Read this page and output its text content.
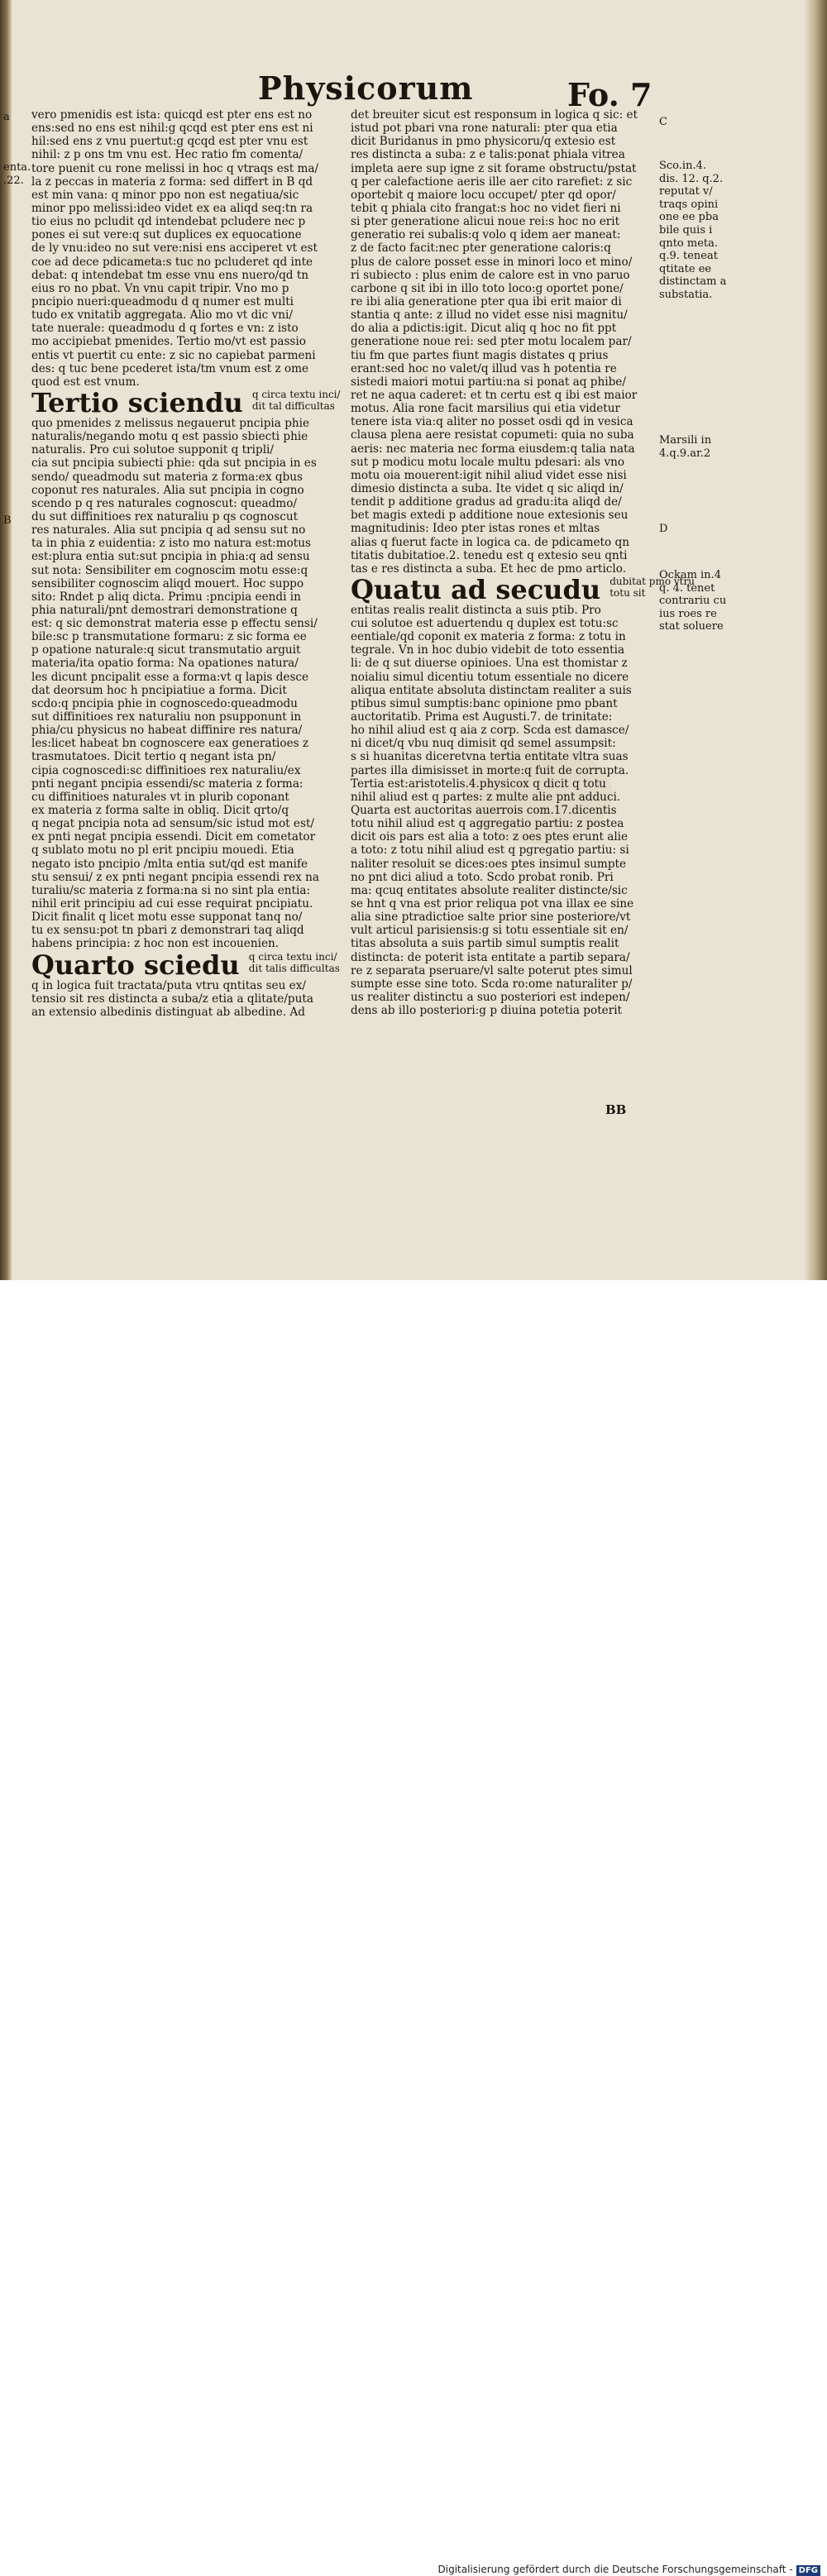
Physicorum	Fo. 7
a
enta.
.22.
B
C
Sco.in.4.
dis. 12. q.2.
reputat v/
traqs opini
one ee pba
bile quis i
qnto meta.
q.9. teneat
qtitate ee
distinctam a
substatia.
Marsili in
4.q.9.ar.2
D
Ockam in.4
q. 4. tenet
contrariu cu
ius roes re
stat soluere
vero pmenidis est ista: quicqd est pter ens est no
ens:sed no ens est nihil:g qcqd est pter ens est ni
hil:sed ens z vnu puertut:g qcqd est pter vnu est
nihil: z p ons tm vnu est. Hec ratio fm comenta/
tore puenit cu rone melissi in hoc q vtraqs est ma/
la z peccas in materia z forma: sed differt in B qd
est min vana: q minor ppo non est negatiua/sic
minor ppo melissi:ideo videt ex ea aliqd seq:tn ra
tio eius no pcludit qd intendebat pcludere nec p
pones ei sut vere:q sut duplices ex equocatione
de ly vnu:ideo no sut vere:nisi ens acciperet vt est
coe ad dece pdicameta:s tuc no pcluderet qd inte
debat: q intendebat tm esse vnu ens nuero/qd tn
eius ro no pbat. Vn vnu capit tripir. Vno mo p
pncipio nueri:queadmodu d q numer est multi
tudo ex vnitatib aggregata. Alio mo vt dic vni/
tate nuerale: queadmodu d q fortes e vn: z isto
mo accipiebat pmenides. Tertio mo/vt est passio
entis vt puertit cu ente: z sic no capiebat parmeni
des: q tuc bene pcederet ista/tm vnum est z ome
quod est est vnum.
Tertio sciendu q circa textu inci/ dit tal difficultas
quo pmenides z melissus negauerut pncipia phie
naturalis/negando motu q est passio sbiecti phie
naturalis. Pro cui solutoe supponit q tripli/
cia sut pncipia subiecti phie: qda sut pncipia in es
sendo/ queadmodu sut materia z forma:ex qbus
coponut res naturales. Alia sut pncipia in cogno
scendo p q res naturales cognoscut: queadmo/
du sut diffinitioes rex naturaliu p qs cognoscut
res naturales. Alia sut pncipia q ad sensu sut no
ta in phia z euidentia: z isto mo natura est:motus
est:plura entia sut:sut pncipia in phia:q ad sensu
sut nota: Sensibiliter em cognoscim motu esse:q
sensibiliter cognoscim aliqd mouert. Hoc suppo
sito: Rndet p aliq dicta. Primu :pncipia eendi in
phia naturali/pnt demostrari demonstratione q
est: q sic demonstrat materia esse p effectu sensi/
bile:sc p transmutatione formaru: z sic forma ee
p opatione naturale:q sicut transmutatio arguit
materia/ita opatio forma: Na opationes natura/
les dicunt pncipalit esse a forma:vt q lapis desce
dat deorsum hoc h pncipiatiue a forma. Dicit
scdo:q pncipia phie in cognoscedo:queadmodu
sut diffinitioes rex naturaliu non psupponunt in
phia/cu physicus no habeat diffinire res natura/
les:licet habeat bn cognoscere eax generatioes z
trasmutatoes. Dicit tertio q negant ista pn/
cipia cognoscedi:sc diffinitioes rex naturaliu/ex
pnti negant pncipia essendi/sc materia z forma:
cu diffinitioes naturales vt in plurib coponant
ex materia z forma salte in obliq. Dicit qrto/q
q negat pncipia nota ad sensum/sic istud mot est/
ex pnti negat pncipia essendi. Dicit em cometator
q sublato motu no pl erit pncipiu mouedi. Etia
negato isto pncipio /mlta entia sut/qd est manife
stu sensui/ z ex pnti negant pncipia essendi rex na
turaliu/sc materia z forma:na si no sint pla entia:
nihil erit principiu ad cui esse requirat pncipiatu.
Dicit finalit q licet motu esse supponat tanq no/
tu ex sensu:pot tn pbari z demonstrari taq aliqd
habens principia: z hoc non est incouenien.
Quarto sciedu q circa textu inci/ dit talis difficultas
q in logica fuit tractata/puta vtru qntitas seu ex/
tensio sit res distincta a suba/z etia a qlitate/puta
an extensio albedinis distinguat ab albedine. Ad
det breuiter sicut est responsum in logica q sic: et
istud pot pbari vna rone naturali: pter qua etia
dicit Buridanus in pmo physicoru/q extesio est
res distincta a suba: z e talis:ponat phiala vitrea
impleta aere sup igne z sit forame obstructu/pstat
q per calefactione aeris ille aer cito rarefiet: z sic
oportebit q maiore locu occupet/ pter qd opor/
tebit q phiala cito frangat:s hoc no videt fieri ni
si pter generatione alicui noue rei:s hoc no erit
generatio rei subalis:q volo q idem aer maneat:
z de facto facit:nec pter generatione caloris:q
plus de calore posset esse in minori loco et mino/
ri subiecto : plus enim de calore est in vno paruo
carbone q sit ibi in illo toto loco:g oportet pone/
re ibi alia generatione pter qua ibi erit maior di
stantia q ante: z illud no videt esse nisi magnitu/
do alia a pdictis:igit. Dicut aliq q hoc no fit ppt
generatione noue rei: sed pter motu localem par/
tiu fm que partes fiunt magis distates q prius
erant:sed hoc no valet/q illud vas h potentia re
sistedi maiori motui partiu:na si ponat aq phibe/
ret ne aqua caderet: et tn certu est q ibi est maior
motus. Alia rone facit marsilius qui etia videtur
tenere ista via:q aliter no posset osdi qd in vesica
clausa plena aere resistat copumeti: quia no suba
aeris: nec materia nec forma eiusdem:q talia nata
sut p modicu motu locale multu pdesari: als vno
motu oia mouerent:igit nihil aliud videt esse nisi
dimesio distincta a suba. Ite videt q sic aliqd in/
tendit p additione gradus ad gradu:ita aliqd de/
bet magis extedi p additione noue extesionis seu
magnitudinis: Ideo pter istas rones et mltas
alias q fuerut facte in logica ca. de pdicameto qn
titatis dubitatioe.2. tenedu est q extesio seu qnti
tas e res distincta a suba. Et hec de pmo articlo.
Quatu ad secudu dubitat pmo vtru totu sit
entitas realis realit distincta a suis ptib. Pro
cui solutoe est aduertendu q duplex est totu:sc
eentiale/qd coponit ex materia z forma: z totu in
tegrale. Vn in hoc dubio videbit de toto essentia
li: de q sut diuerse opinioes. Una est thomistar z
noialiu simul dicentiu totum essentiale no dicere
aliqua entitate absoluta distinctam realiter a suis
ptibus simul sumptis:banc opinione pmo pbant
auctoritatib. Prima est Augusti.7. de trinitate:
ho nihil aliud est q aia z corp. Scda est damasce/
ni dicet/q vbu nuq dimisit qd semel assumpsit:
s si huanitas diceretvna tertia entitate vltra suas
partes illa dimisisset in morte:q fuit de corrupta.
Tertia est:aristotelis.4.physicox q dicit q totu
nihil aliud est q partes: z multe alie pnt adduci.
Quarta est auctoritas auerrois com.17.dicentis
totu nihil aliud est q aggregatio partiu: z postea
dicit ois pars est alia a toto: z oes ptes erunt alie
a toto: z totu nihil aliud est q pgregatio partiu: si
naliter resoluit se dices:oes ptes insimul sumpte
no pnt dici aliud a toto. Scdo probat ronib. Pri
ma: qcuq entitates absolute realiter distincte/sic
se hnt q vna est prior reliqua pot vna illax ee sine
alia sine ptradictioe salte prior sine posteriore/vt
vult articul parisiensis:g si totu essentiale sit en/
titas absoluta a suis partib simul sumptis realit
distincta: de poterit ista entitate a partib separa/
re z separata pseruare/vl salte poterut ptes simul
sumpte esse sine toto. Scda ro:ome naturaliter p/
us realiter distinctu a suo posteriori est indepen/
dens ab illo posteriori:g p diuina potetia poterit
BB
Digitalisierung gefördert durch die Deutsche Forschungsgemeinschaft - DFG
